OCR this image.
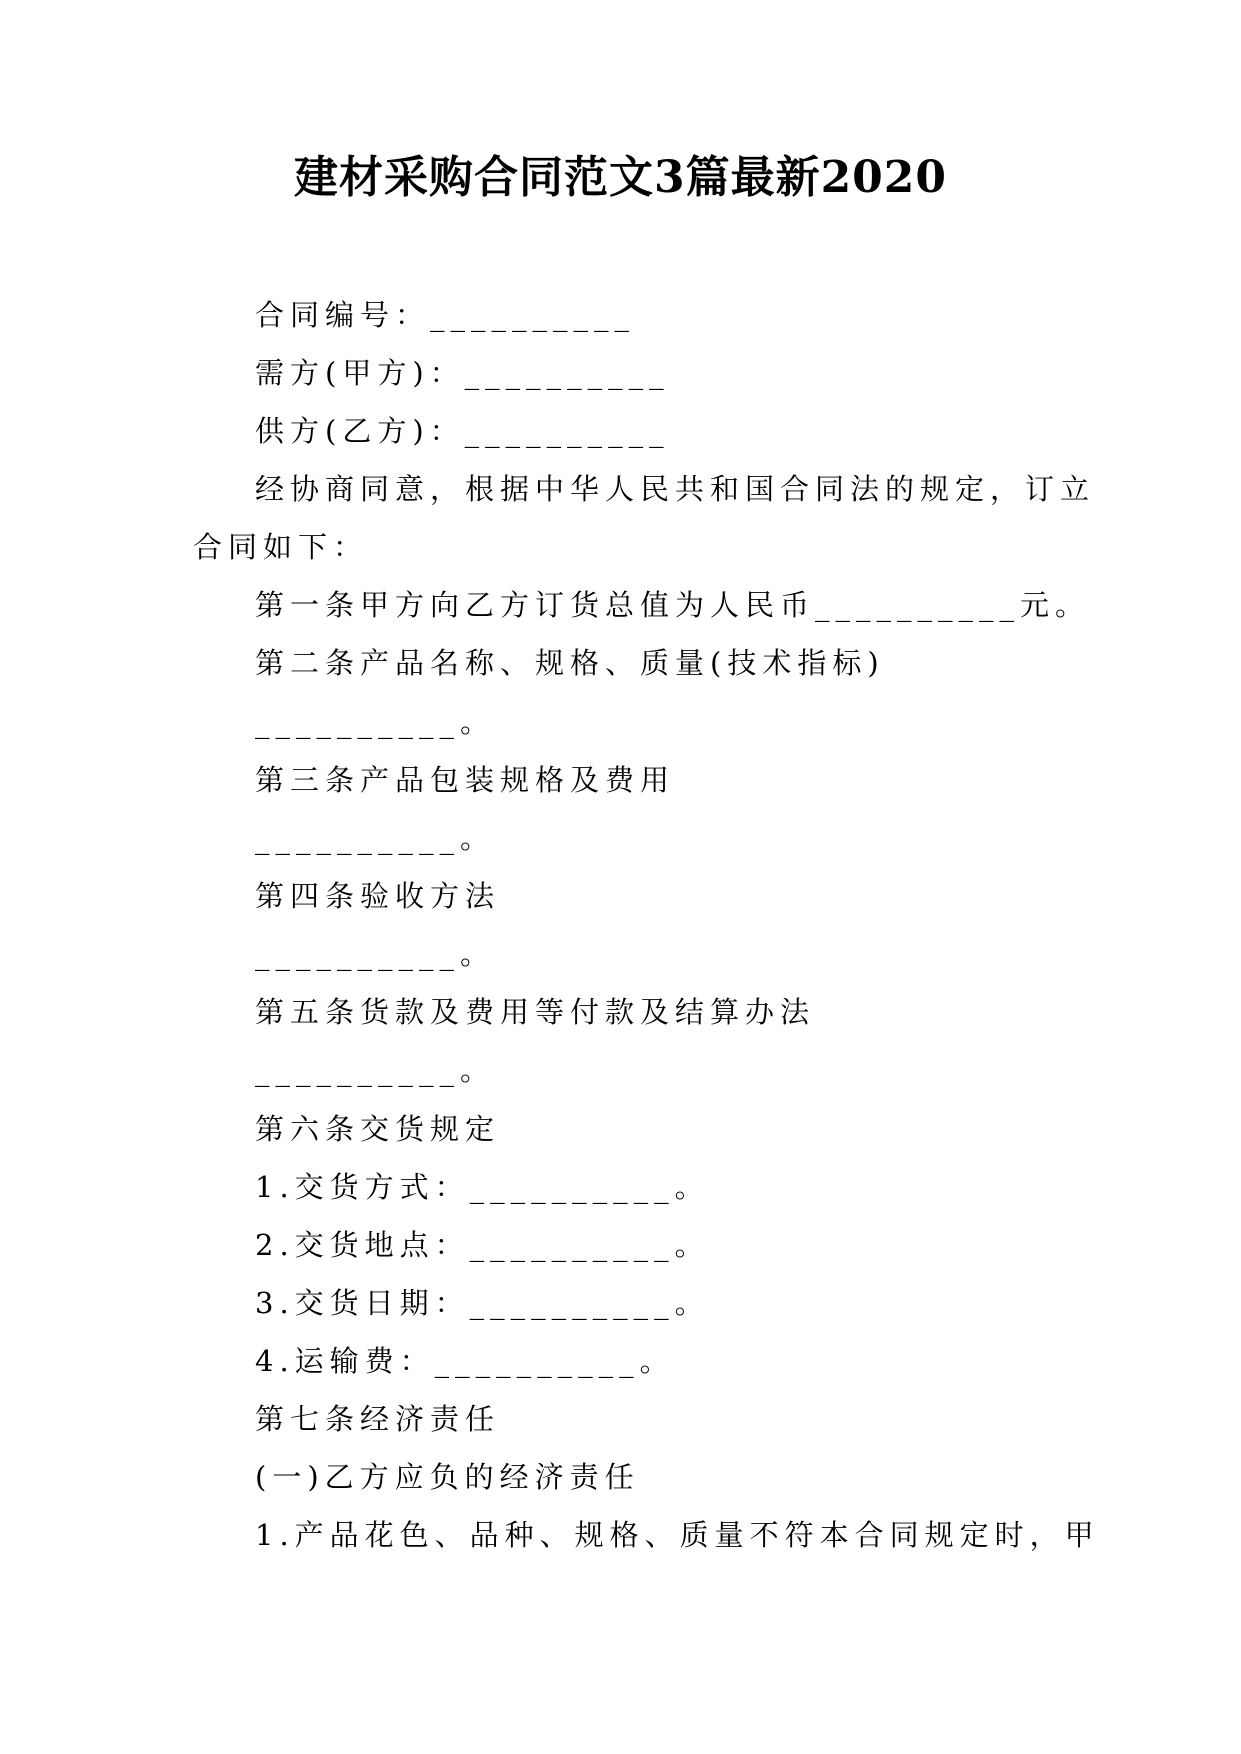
建材采购合同范文3篇最新2020
合同编号：__________
需方(甲方)：__________
供方(乙方)：__________
经协商同意，根据中华人民共和国合同法的规定，订立
合同如下：
第一条甲方向乙方订货总值为人民币__________元。
第二条产品名称、规格、质量(技术指标)
__________。
第三条产品包装规格及费用
__________。
第四条验收方法
__________。
第五条货款及费用等付款及结算办法
__________。
第六条交货规定
1.交货方式：__________。
2.交货地点：__________。
3.交货日期：__________。
4.运输费：__________。
第七条经济责任
(一)乙方应负的经济责任
1.产品花色、品种、规格、质量不符本合同规定时，甲
